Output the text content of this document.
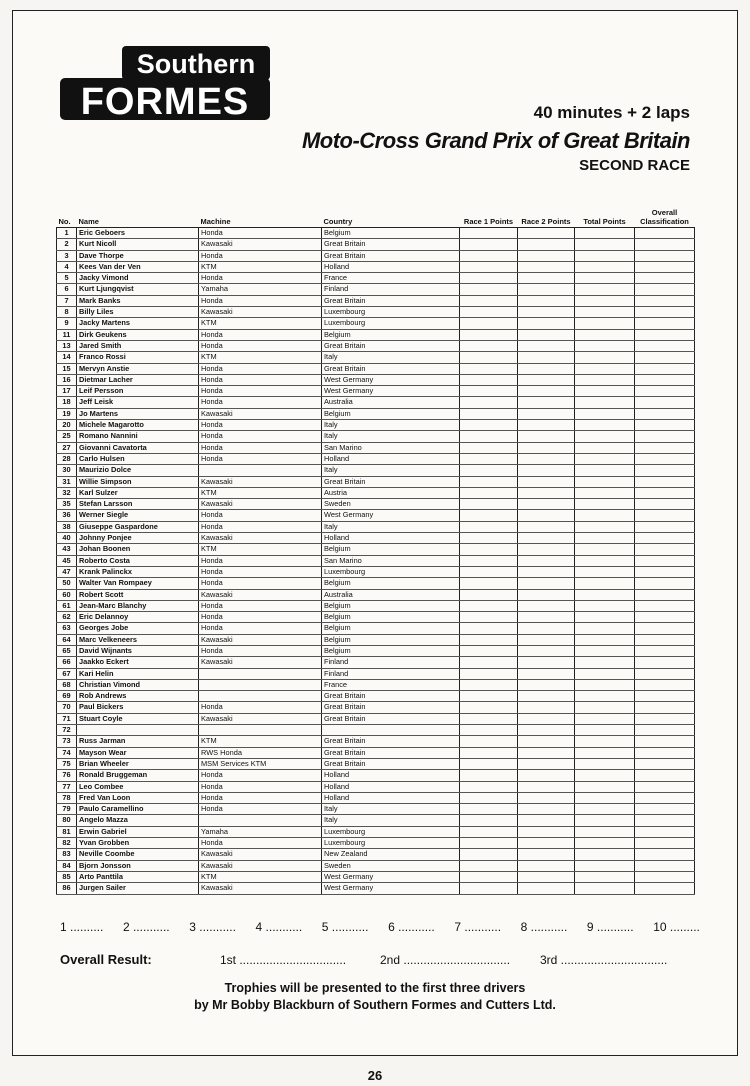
Southern
FORMES	40 minutes + 2 laps
Moto-Cross Grand Prix of Great Britain
SECOND RACE
No.	Name	Machine	Country	Race 1 Points	Race 2 Points	Total Points	Overall Classification
1	Eric Geboers	Honda	Belgium				
2	Kurt Nicoll	Kawasaki	Great Britain				
3	Dave Thorpe	Honda	Great Britain				
4	Kees Van der Ven	KTM	Holland				
5	Jacky Vimond	Honda	France				
6	Kurt Ljungqvist	Yamaha	Finland				
7	Mark Banks	Honda	Great Britain				
8	Billy Liles	Kawasaki	Luxembourg				
9	Jacky Martens	KTM	Luxembourg				
11	Dirk Geukens	Honda	Belgium				
13	Jared Smith	Honda	Great Britain				
14	Franco Rossi	KTM	Italy				
15	Mervyn Anstie	Honda	Great Britain				
16	Dietmar Lacher	Honda	West Germany				
17	Leif Persson	Honda	West Germany				
18	Jeff Leisk	Honda	Australia				
19	Jo Martens	Kawasaki	Belgium				
20	Michele Magarotto	Honda	Italy				
25	Romano Nannini	Honda	Italy				
27	Giovanni Cavatorta	Honda	San Marino				
28	Carlo Hulsen	Honda	Holland				
30	Maurizio Dolce		Italy				
31	Willie Simpson	Kawasaki	Great Britain				
32	Karl Sulzer	KTM	Austria				
35	Stefan Larsson	Kawasaki	Sweden				
36	Werner Siegle	Honda	West Germany				
38	Giuseppe Gaspardone	Honda	Italy				
40	Johnny Ponjee	Kawasaki	Holland				
43	Johan Boonen	KTM	Belgium				
45	Roberto Costa	Honda	San Marino				
47	Krank Palinckx	Honda	Luxembourg				
50	Walter Van Rompaey	Honda	Belgium				
60	Robert Scott	Kawasaki	Australia				
61	Jean-Marc Blanchy	Honda	Belgium				
62	Eric Delannoy	Honda	Belgium				
63	Georges Jobe	Honda	Belgium				
64	Marc Velkeneers	Kawasaki	Belgium				
65	David Wijnants	Honda	Belgium				
66	Jaakko Eckert	Kawasaki	Finland				
67	Kari Helin		Finland				
68	Christian Vimond		France				
69	Rob Andrews		Great Britain				
70	Paul Bickers	Honda	Great Britain				
71	Stuart Coyle	Kawasaki	Great Britain				
72							
73	Russ Jarman	KTM	Great Britain				
74	Mayson Wear	RWS Honda	Great Britain				
75	Brian Wheeler	MSM Services KTM	Great Britain				
76	Ronald Bruggeman	Honda	Holland				
77	Leo Combee	Honda	Holland				
78	Fred Van Loon	Honda	Holland				
79	Paulo Caramellino	Honda	Italy				
80	Angelo Mazza		Italy				
81	Erwin Gabriel	Yamaha	Luxembourg				
82	Yvan Grobben	Honda	Luxembourg				
83	Neville Coombe	Kawasaki	New Zealand				
84	Bjorn Jonsson	Kawasaki	Sweden				
85	Arto Panttila	KTM	West Germany				
86	Jurgen Sailer	Kawasaki	West Germany				
1 .......... 2 ........... 3 ........... 4 ........... 5 ........... 6 ........... 7 ........... 8 ........... 9 ........... 10 .........
Overall Result:	1st ................................	2nd ................................	3rd ................................
Trophies will be presented to the first three drivers
by Mr Bobby Blackburn of Southern Formes and Cutters Ltd.
26
